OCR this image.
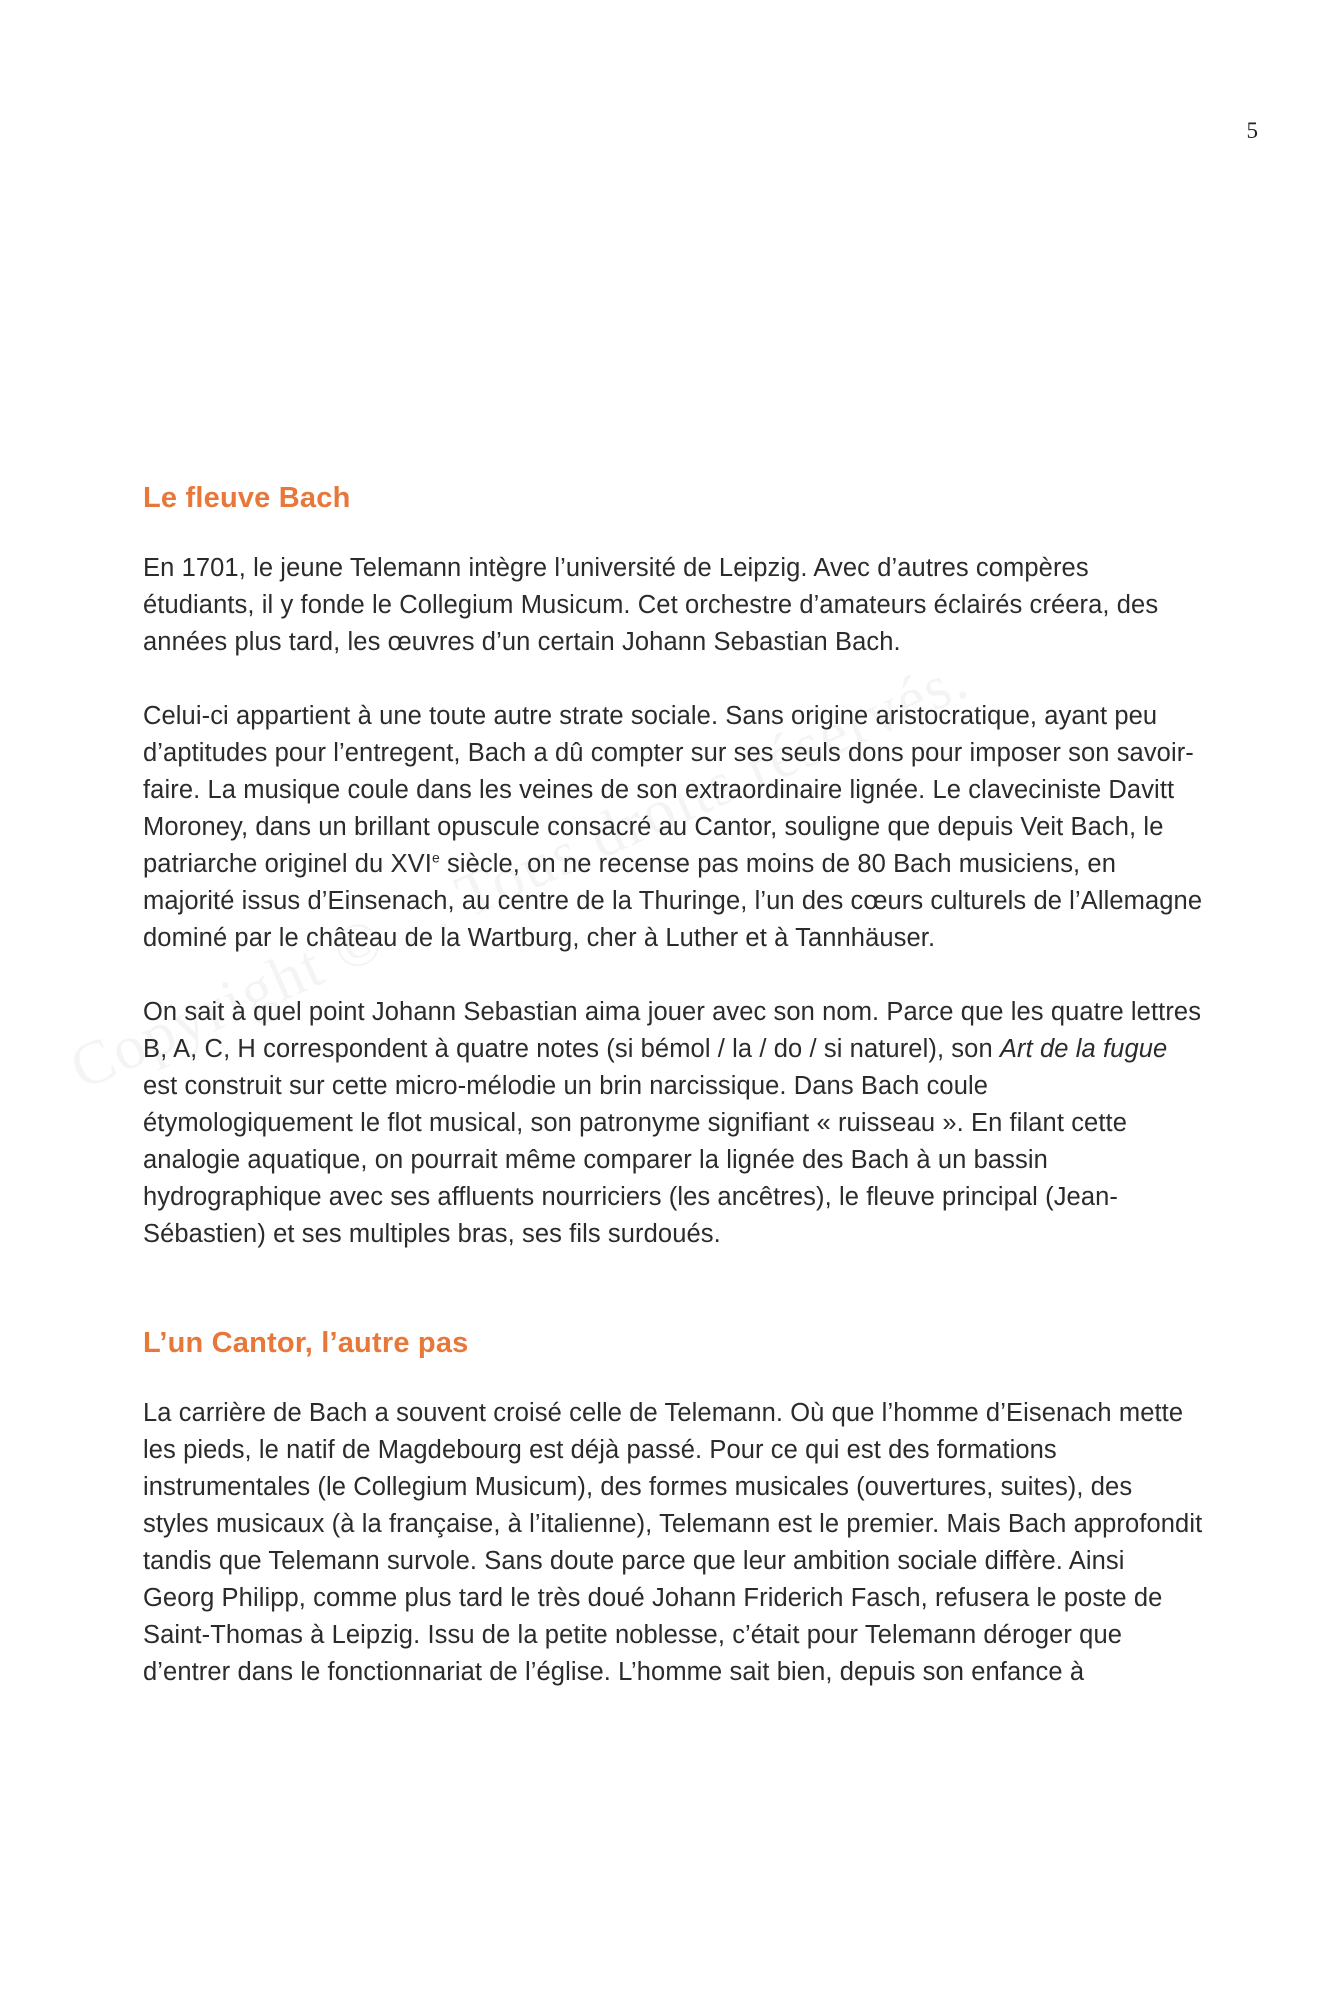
5
Le fleuve Bach

En 1701, le jeune Telemann intègre l’université de Leipzig. Avec d’autres compères étudiants, il y fonde le Collegium Musicum. Cet orchestre d’amateurs éclairés créera, des années plus tard, les œuvres d’un certain Johann Sebastian Bach.

Celui-ci appartient à une toute autre strate sociale. Sans origine aristocratique, ayant peu d’aptitudes pour l’entregent, Bach a dû compter sur ses seuls dons pour imposer son savoir-faire. La musique coule dans les veines de son extraordinaire lignée. Le claveciniste Davitt Moroney, dans un brillant opuscule consacré au Cantor, souligne que depuis Veit Bach, le patriarche originel du XVIe siècle, on ne recense pas moins de 80 Bach musiciens, en majorité issus d’Einsenach, au centre de la Thuringe, l’un des cœurs culturels de l’Allemagne dominé par le château de la Wartburg, cher à Luther et à Tannhäuser.

On sait à quel point Johann Sebastian aima jouer avec son nom. Parce que les quatre lettres B, A, C, H correspondent à quatre notes (si bémol / la / do / si naturel), son Art de la fugue est construit sur cette micro-mélodie un brin narcissique. Dans Bach coule étymologiquement le flot musical, son patronyme signifiant « ruisseau ». En filant cette analogie aquatique, on pourrait même comparer la lignée des Bach à un bassin hydrographique avec ses affluents nourriciers (les ancêtres), le fleuve principal (Jean-Sébastien) et ses multiples bras, ses fils surdoués.

L’un Cantor, l’autre pas

La carrière de Bach a souvent croisé celle de Telemann. Où que l’homme d’Eisenach mette les pieds, le natif de Magdebourg est déjà passé. Pour ce qui est des formations instrumentales (le Collegium Musicum), des formes musicales (ouvertures, suites), des styles musicaux (à la française, à l’italienne), Telemann est le premier. Mais Bach approfondit tandis que Telemann survole. Sans doute parce que leur ambition sociale diffère. Ainsi Georg Philipp, comme plus tard le très doué Johann Friderich Fasch, refusera le poste de Saint-Thomas à Leipzig. Issu de la petite noblesse, c’était pour Telemann déroger que d’entrer dans le fonctionnariat de l’église. L’homme sait bien, depuis son enfance à
